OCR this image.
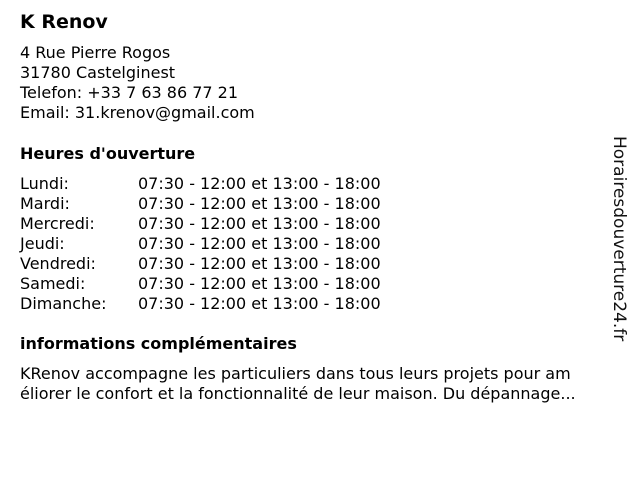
K Renov
4 Rue Pierre Rogos
31780 Castelginest
Telefon: +33 7 63 86 77 21
Email: 31.krenov@gmail.com
Heures d'ouverture
Lundi:	07:30 - 12:00 et 13:00 - 18:00
Mardi:	07:30 - 12:00 et 13:00 - 18:00
Mercredi:	07:30 - 12:00 et 13:00 - 18:00
Jeudi:	07:30 - 12:00 et 13:00 - 18:00
Vendredi:	07:30 - 12:00 et 13:00 - 18:00
Samedi:	07:30 - 12:00 et 13:00 - 18:00
Dimanche: 07:30 - 12:00 et 13:00 - 18:00
informations complémentaires
KRenov accompagne les particuliers dans tous leurs projets pour am
éliorer le confort et la fonctionnalité de leur maison. Du dépannage...
Horairesdouverture24.fr
